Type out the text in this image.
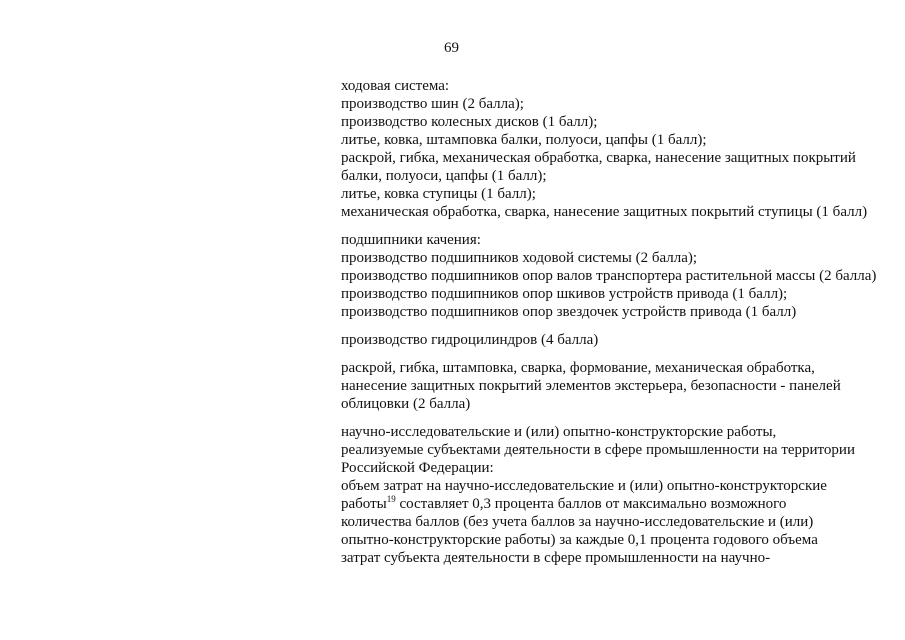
69
ходовая система:
производство шин (2 балла);
производство колесных дисков (1 балл);
литье, ковка, штамповка балки, полуоси, цапфы (1 балл);
раскрой, гибка, механическая обработка, сварка, нанесение защитных покрытий
балки, полуоси, цапфы (1 балл);
литье, ковка ступицы (1 балл);
механическая обработка, сварка, нанесение защитных покрытий ступицы (1 балл)
подшипники качения:
производство подшипников ходовой системы (2 балла);
производство подшипников опор валов транспортера растительной массы (2 балла)
производство подшипников опор шкивов устройств привода (1 балл);
производство подшипников опор звездочек устройств привода (1 балл)
производство гидроцилиндров (4 балла)
раскрой, гибка, штамповка, сварка, формование, механическая обработка,
нанесение защитных покрытий элементов экстерьера, безопасности - панелей
облицовки (2 балла)
научно-исследовательские и (или) опытно-конструкторские работы,
реализуемые субъектами деятельности в сфере промышленности на территории
Российской Федерации:
объем затрат на научно-исследовательские и (или) опытно-конструкторские
работы$^{19}$ составляет 0,3 процента баллов от максимально возможного
количества баллов (без учета баллов за научно-исследовательские и (или)
опытно-конструкторские работы) за каждые 0,1 процента годового объема
затрат субъекта деятельности в сфере промышленности на научно-
